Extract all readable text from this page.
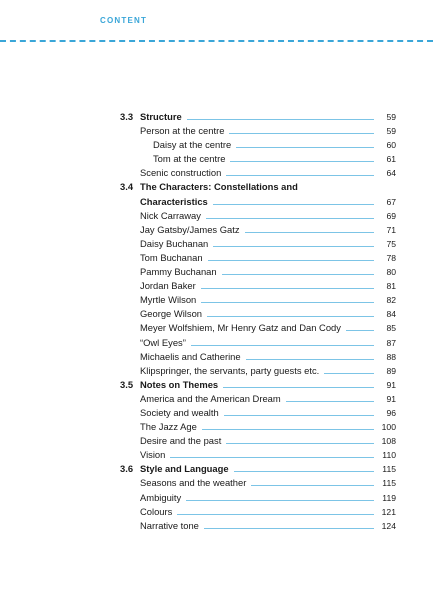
CONTENT
3.3 Structure	59
Person at the centre	59
Daisy at the centre	60
Tom at the centre	61
Scenic construction	64
3.4 The Characters: Constellations and
Characteristics	67
Nick Carraway	69
Jay Gatsby/James Gatz	71
Daisy Buchanan	75
Tom Buchanan	78
Pammy Buchanan	80
Jordan Baker	81
Myrtle Wilson	82
George Wilson	84
Meyer Wolfshiem, Mr Henry Gatz and Dan Cody	85
“Owl Eyes”	87
Michaelis and Catherine	88
Klipspringer, the servants, party guests etc.	89
3.5 Notes on Themes	91
America and the American Dream	91
Society and wealth	96
The Jazz Age	100
Desire and the past	108
Vision	110
3.6 Style and Language	115
Seasons and the weather	115
Ambiguity	119
Colours	121
Narrative tone	124
